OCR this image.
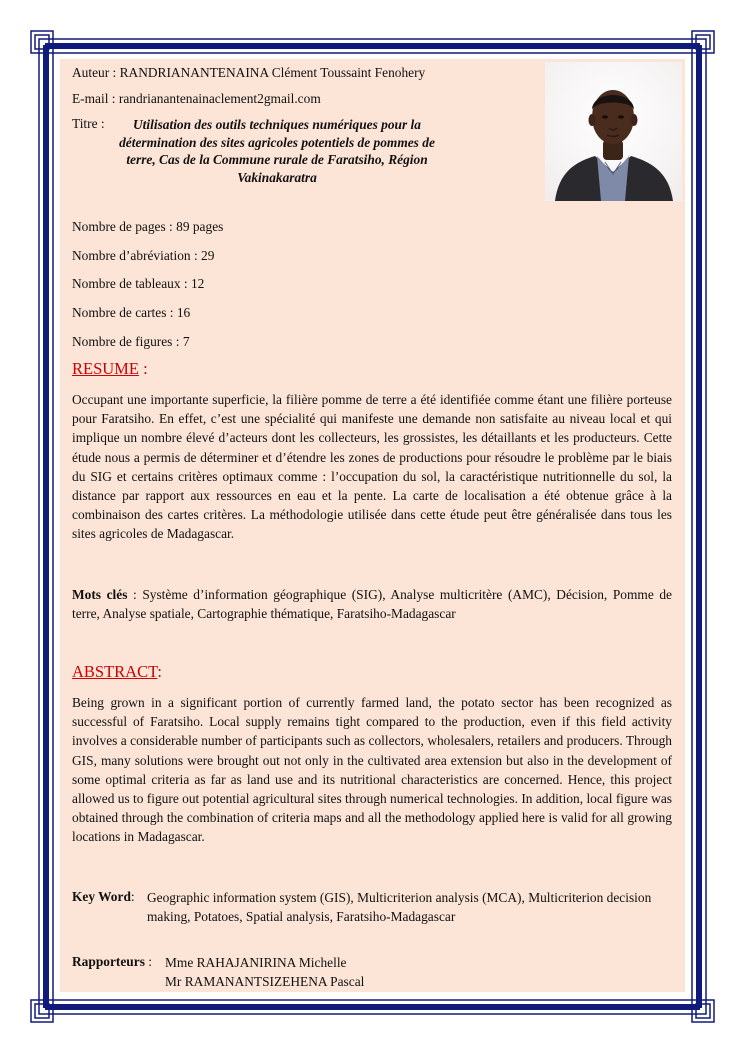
Auteur : RANDRIANANTENAINA Clément Toussaint Fenohery
E-mail : randrianantenainaclement2gmail.com
Titre :	Utilisation des outils techniques numériques pour la détermination des sites agricoles potentiels de pommes de terre, Cas de la Commune rurale de Faratsiho, Région Vakinakaratra
Nombre de pages : 89 pages
Nombre d’abréviation : 29
Nombre de tableaux : 12
Nombre de cartes : 16
Nombre de figures : 7
RESUME :
Occupant une importante superficie, la filière pomme de terre a été identifiée comme étant une filière porteuse pour Faratsiho. En effet, c’est une spécialité qui manifeste une demande non satisfaite au niveau local et qui implique un nombre élevé d’acteurs dont les collecteurs, les grossistes, les détaillants et les producteurs. Cette étude nous a permis de déterminer et d’étendre les zones de productions pour résoudre le problème par le biais du SIG et certains critères optimaux comme : l’occupation du sol, la caractéristique nutritionnelle du sol, la distance par rapport aux ressources en eau et la pente. La carte de localisation a été obtenue grâce à la combinaison des cartes critères. La méthodologie utilisée dans cette étude peut être généralisée dans tous les sites agricoles de Madagascar.
Mots clés : Système d’information géographique (SIG), Analyse multicritère (AMC), Décision, Pomme de terre, Analyse spatiale, Cartographie thématique, Faratsiho-Madagascar
ABSTRACT:
Being grown in a significant portion of currently farmed land, the potato sector has been recognized as successful of Faratsiho. Local supply remains tight compared to the production, even if this field activity involves a considerable number of participants such as collectors, wholesalers, retailers and producers. Through GIS, many solutions were brought out not only in the cultivated area extension but also in the development of some optimal criteria as far as land use and its nutritional characteristics are concerned. Hence, this project allowed us to figure out potential agricultural sites through numerical technologies. In addition, local figure was obtained through the combination of criteria maps and all the methodology applied here is valid for all growing locations in Madagascar.
Key Word: Geographic information system (GIS), Multicriterion analysis (MCA), Multicriterion decision making, Potatoes, Spatial analysis, Faratsiho-Madagascar
Rapporteurs : Mme RAHAJANIRINA Michelle
Mr RAMANANTSIZEHENA Pascal
